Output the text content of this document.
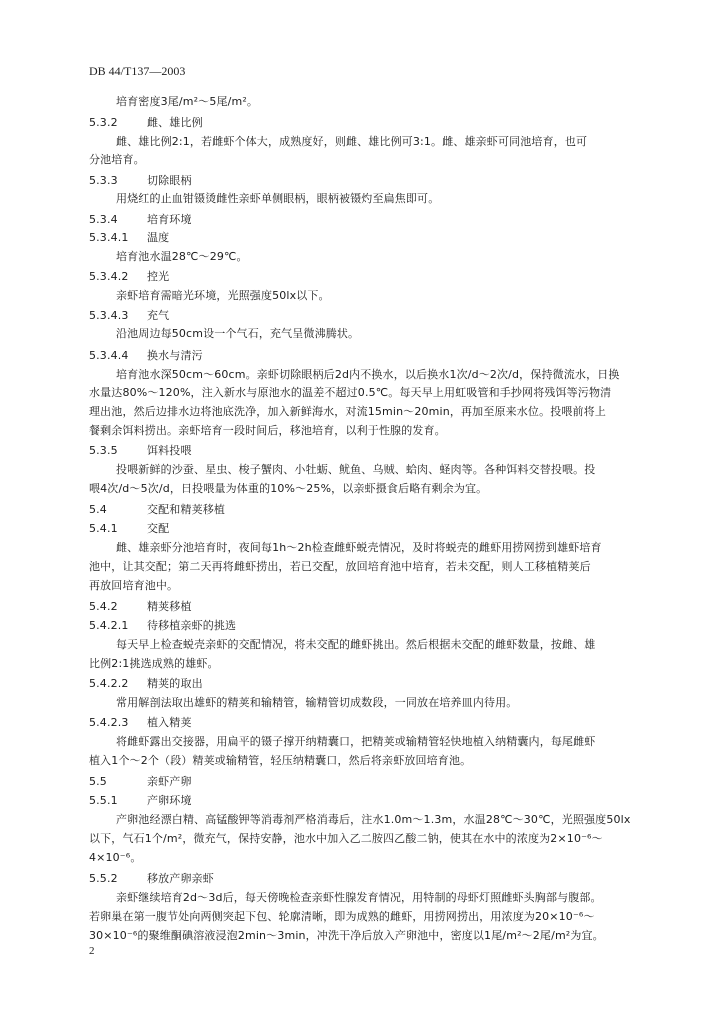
DB 44/T137—2003
培育密度3尾/m²～5尾/m²。
5.3.2	雌、雄比例
雌、雄比例2:1，若雌虾个体大，成熟度好，则雌、雄比例可3:1。雌、雄亲虾可同池培育，也可
分池培育。
5.3.3	切除眼柄
用烧红的止血钳镊烫雌性亲虾单侧眼柄，眼柄被镊灼至扁焦即可。
5.3.4	培育环境
5.3.4.1 温度
培育池水温28℃～29℃。
5.3.4.2 控光
亲虾培育需暗光环境，光照强度50lx以下。
5.3.4.3 充气
沿池周边每50cm设一个气石，充气呈微沸腾状。
5.3.4.4 换水与清污
培育池水深50cm～60cm。亲虾切除眼柄后2d内不换水，以后换水1次/d～2次/d，保持微流水，日换
水量达80%～120%，注入新水与原池水的温差不超过0.5℃。每天早上用虹吸管和手抄网将残饵等污物清
理出池，然后边排水边将池底洗净，加入新鲜海水，对流15min～20min，再加至原来水位。投喂前将上
餐剩余饵料捞出。亲虾培育一段时间后，移池培育，以利于性腺的发育。
5.3.5	饵料投喂
投喂新鲜的沙蚕、星虫、梭子蟹肉、小牡蛎、鱿鱼、乌贼、蛤肉、蛏肉等。各种饵料交替投喂。投
喂4次/d～5次/d，日投喂量为体重的10%～25%，以亲虾摄食后略有剩余为宜。
5.4	交配和精荚移植
5.4.1	交配
雌、雄亲虾分池培育时，夜间每1h～2h检查雌虾蜕壳情况，及时将蜕壳的雌虾用捞网捞到雄虾培育
池中，让其交配；第二天再将雌虾捞出，若已交配，放回培育池中培育，若未交配，则人工移植精荚后
再放回培育池中。
5.4.2	精荚移植
5.4.2.1 待移植亲虾的挑选
每天早上检查蜕壳亲虾的交配情况，将未交配的雌虾挑出。然后根据未交配的雌虾数量，按雌、雄
比例2:1挑选成熟的雄虾。
5.4.2.2 精荚的取出
常用解剖法取出雄虾的精荚和输精管，输精管切成数段，一同放在培养皿内待用。
5.4.2.3 植入精荚
将雌虾露出交接器，用扁平的镊子撑开纳精囊口，把精荚或输精管轻快地植入纳精囊内，每尾雌虾
植入1个～2个（段）精荚或输精管，轻压纳精囊口，然后将亲虾放回培育池。
5.5	亲虾产卵
5.5.1	产卵环境
产卵池经漂白精、高锰酸钾等消毒剂严格消毒后，注水1.0m～1.3m，水温28℃～30℃，光照强度50lx
以下，气石1个/m²，微充气，保持安静，池水中加入乙二胺四乙酸二钠，使其在水中的浓度为2×10⁻⁶～
4×10⁻⁶。
5.5.2	移放产卵亲虾
亲虾继续培育2d～3d后，每天傍晚检查亲虾性腺发育情况，用特制的母虾灯照雌虾头胸部与腹部。
若卵巢在第一腹节处向两侧突起下包、轮廓清晰，即为成熟的雌虾，用捞网捞出，用浓度为20×10⁻⁶～
30×10⁻⁶的聚维酮碘溶液浸泡2min～3min，冲洗干净后放入产卵池中，密度以1尾/m²～2尾/m²为宜。
2
